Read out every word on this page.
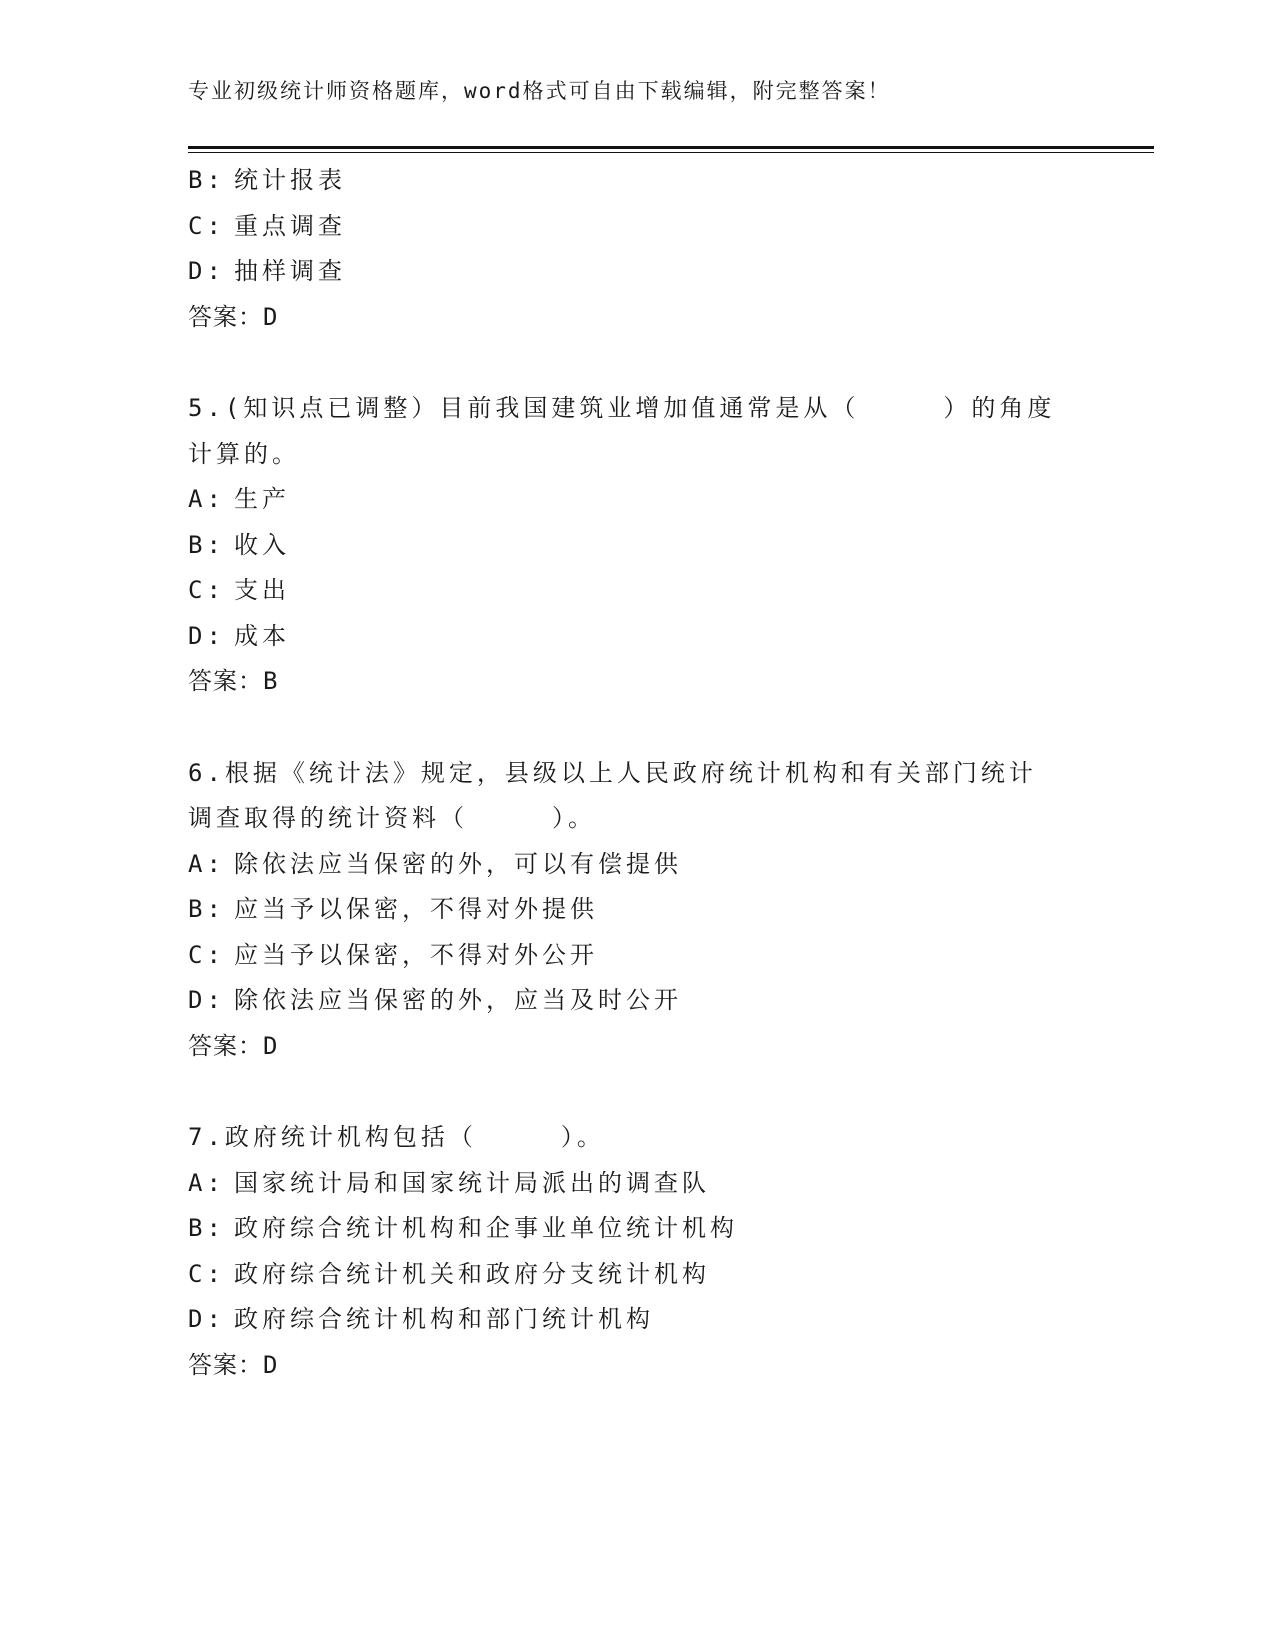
专业初级统计师资格题库，word格式可自由下载编辑，附完整答案！
B: 统计报表
C: 重点调查
D: 抽样调查
答案：D
5.(知识点已调整）目前我国建筑业增加值通常是从（　　　）的角度
计算的。
A: 生产
B: 收入
C: 支出
D: 成本
答案：B
6.根据《统计法》规定，县级以上人民政府统计机构和有关部门统计
调查取得的统计资料（　　　）。
A: 除依法应当保密的外，可以有偿提供
B: 应当予以保密，不得对外提供
C: 应当予以保密，不得对外公开
D: 除依法应当保密的外，应当及时公开
答案：D
7.政府统计机构包括（　　　）。
A: 国家统计局和国家统计局派出的调查队
B: 政府综合统计机构和企事业单位统计机构
C: 政府综合统计机关和政府分支统计机构
D: 政府综合统计机构和部门统计机构
答案：D
